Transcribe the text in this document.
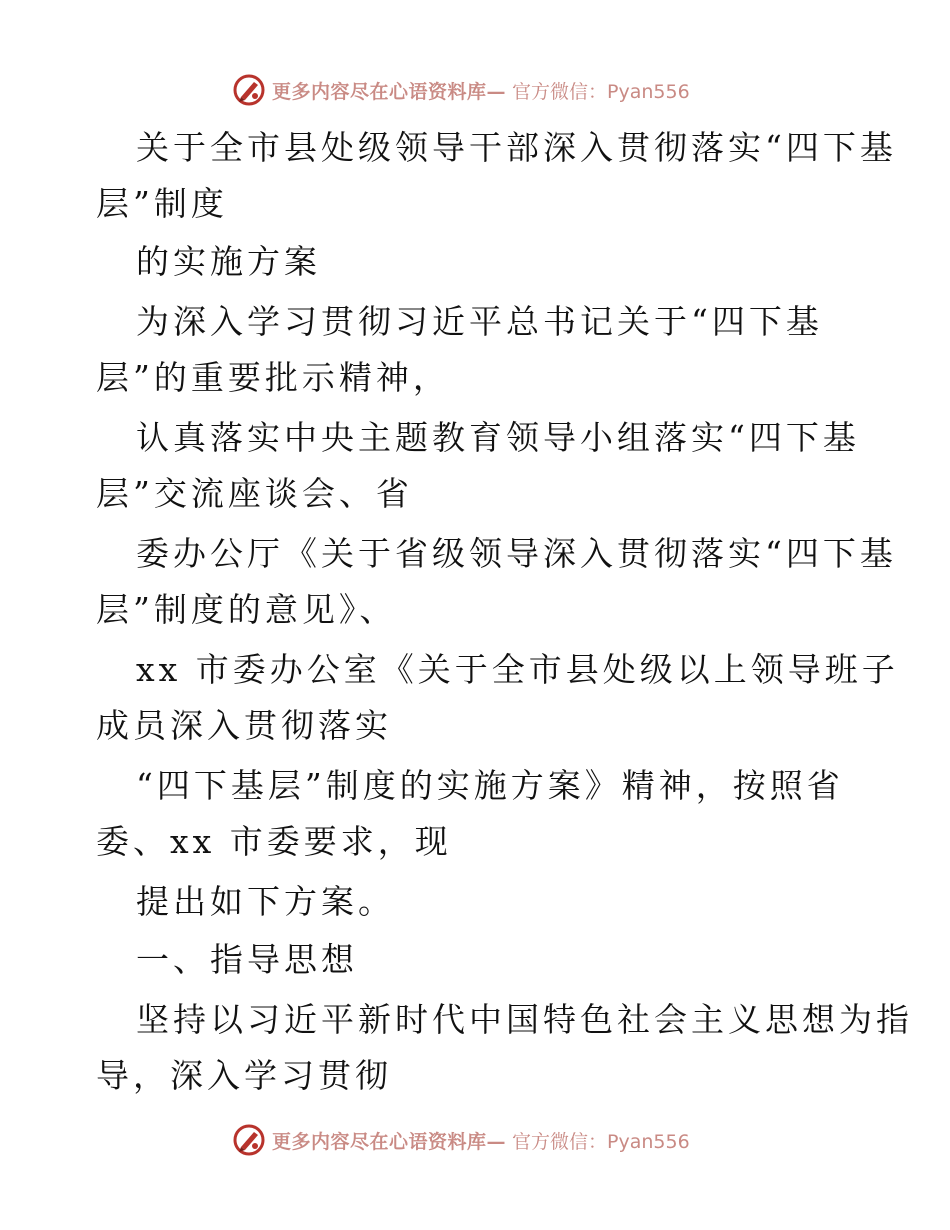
更多内容尽在心语资料库— 官方微信：Pyan556
关于全市县处级领导干部深入贯彻落实“四下基
层”制度
的实施方案
为深入学习贯彻习近平总书记关于“四下基
层”的重要批示精神，
认真落实中央主题教育领导小组落实“四下基
层”交流座谈会、省
委办公厅《关于省级领导深入贯彻落实“四下基
层”制度的意见》、
xx 市委办公室《关于全市县处级以上领导班子
成员深入贯彻落实
“四下基层”制度的实施方案》精神，按照省
委、xx 市委要求，现
提出如下方案。
一、指导思想
坚持以习近平新时代中国特色社会主义思想为指
导，深入学习贯彻
更多内容尽在心语资料库— 官方微信：Pyan556
